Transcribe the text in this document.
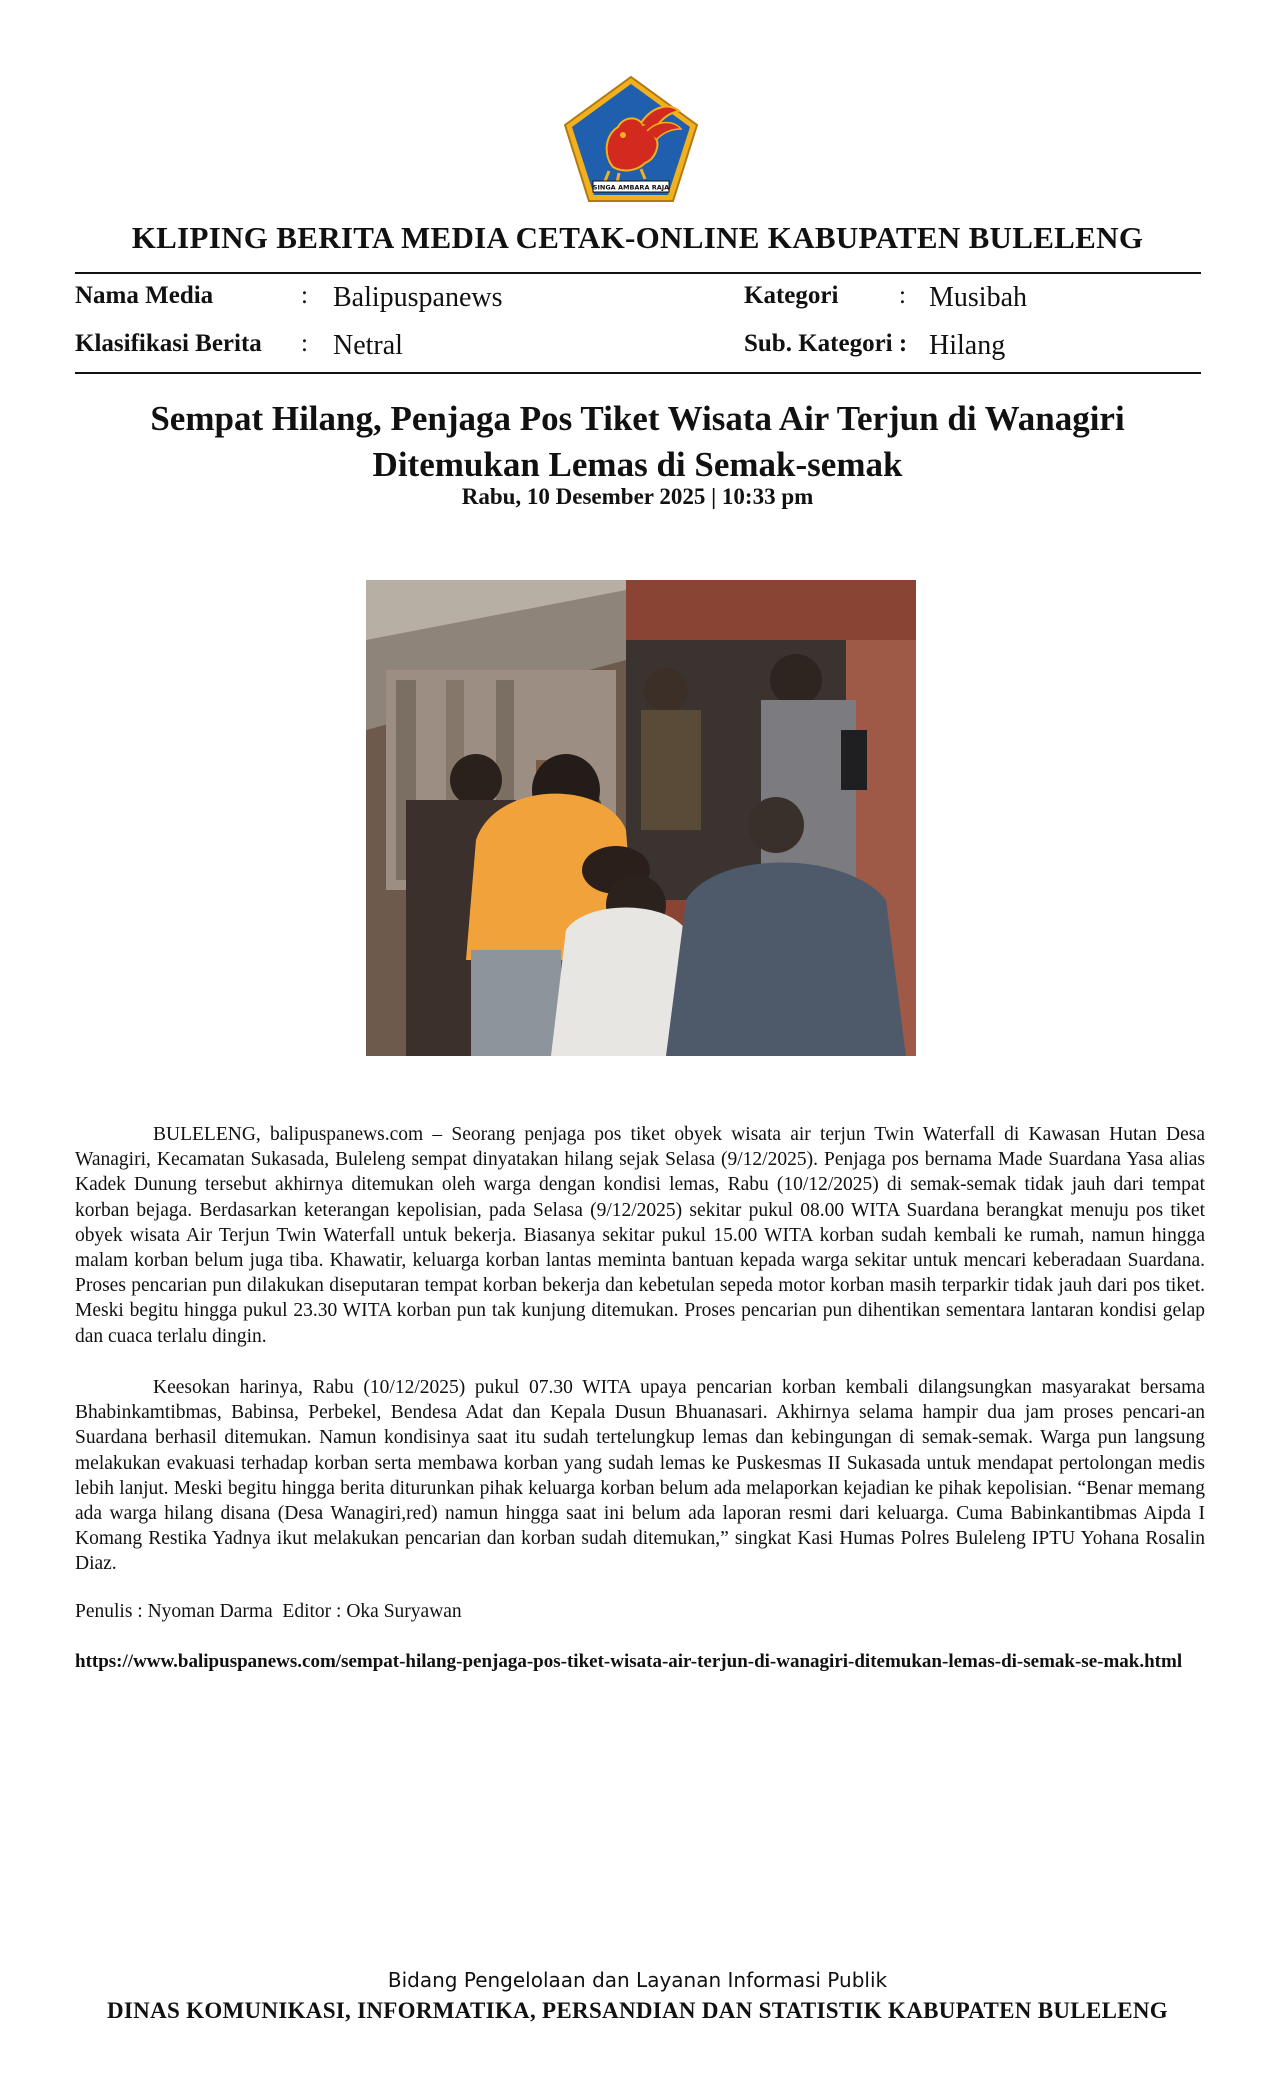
SINGA AMBARA RAJA
KLIPING BERITA MEDIA CETAK-ONLINE KABUPATEN BULELENG
Nama Media	: Balipuspanews
Klasifikasi Berita : Netral
Kategori : Musibah
Sub. Kategori : Hilang
Sempat Hilang, Penjaga Pos Tiket Wisata Air Terjun di Wanagiri Ditemukan Lemas di Semak-semak
Rabu, 10 Desember 2025 | 10:33 pm

BULELENG, balipuspanews.com – Seorang penjaga pos tiket obyek wisata air terjun Twin Waterfall di Kawasan Hutan Desa Wanagiri, Kecamatan Sukasada, Buleleng sempat dinyatakan hilang sejak Selasa (9/12/2025). Penjaga pos bernama Made Suardana Yasa alias Kadek Dunung tersebut akhirnya ditemukan oleh warga dengan kondisi lemas, Rabu (10/12/2025) di semak-semak tidak jauh dari tempat korban bejaga. Berdasarkan keterangan kepolisian, pada Selasa (9/12/2025) sekitar pukul 08.00 WITA Suardana berangkat menuju pos tiket obyek wisata Air Terjun Twin Waterfall untuk bekerja. Biasanya sekitar pukul 15.00 WITA korban sudah kembali ke rumah, namun hingga malam korban belum juga tiba. Khawatir, keluarga korban lantas meminta bantuan kepada warga sekitar untuk mencari keberadaan Suardana. Proses pencarian pun dilakukan diseputaran tempat korban bekerja dan kebetulan sepeda motor korban masih terparkir tidak jauh dari pos tiket. Meski begitu hingga pukul 23.30 WITA korban pun tak kunjung ditemukan. Proses pencarian pun dihentikan sementara lantaran kondisi gelap dan cuaca terlalu dingin.

Keesokan harinya, Rabu (10/12/2025) pukul 07.30 WITA upaya pencarian korban kembali dilangsungkan masyarakat bersama Bhabinkamtibmas, Babinsa, Perbekel, Bendesa Adat dan Kepala Dusun Bhuanasari. Akhirnya selama hampir dua jam proses pencari-an Suardana berhasil ditemukan. Namun kondisinya saat itu sudah tertelungkup lemas dan kebingungan di semak-semak. Warga pun langsung melakukan evakuasi terhadap korban serta membawa korban yang sudah lemas ke Puskesmas II Sukasada untuk mendapat pertolongan medis lebih lanjut. Meski begitu hingga berita diturunkan pihak keluarga korban belum ada melaporkan kejadian ke pihak kepolisian. “Benar memang ada warga hilang disana (Desa Wanagiri,red) namun hingga saat ini belum ada laporan resmi dari keluarga. Cuma Babinkantibmas Aipda I Komang Restika Yadnya ikut melakukan pencarian dan korban sudah ditemukan,” singkat Kasi Humas Polres Buleleng IPTU Yohana Rosalin Diaz.

Penulis : Nyoman Darma  Editor : Oka Suryawan
https://www.balipuspanews.com/sempat-hilang-penjaga-pos-tiket-wisata-air-terjun-di-wanagiri-ditemukan-lemas-di-semak-se-mak.html
Bidang Pengelolaan dan Layanan Informasi Publik
DINAS KOMUNIKASI, INFORMATIKA, PERSANDIAN DAN STATISTIK KABUPATEN BULELENG
